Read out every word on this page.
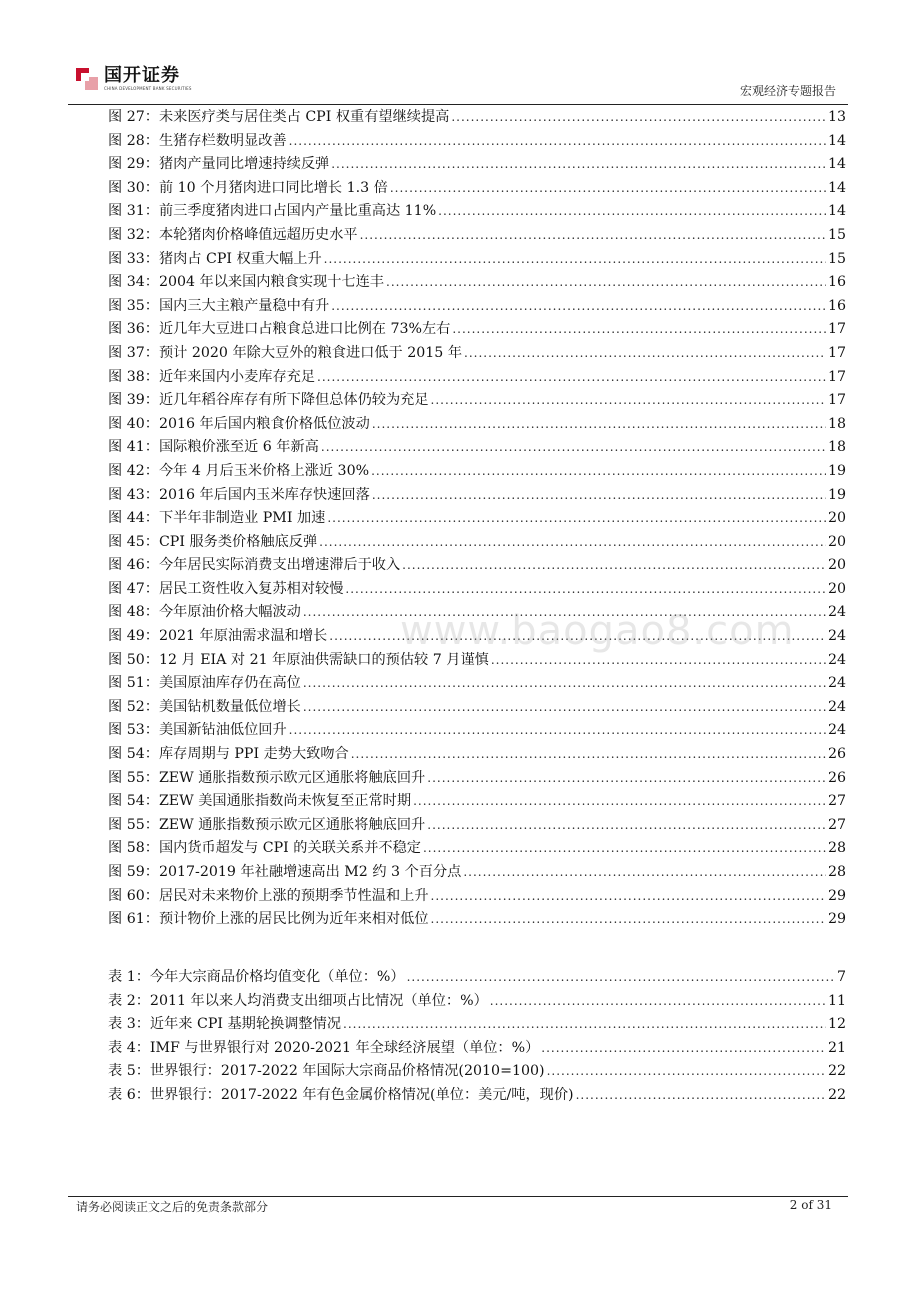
国开证券
CHINA DEVELOPMENT BANK SECURITIES	宏观经济专题报告
图 27：未来医疗类与居住类占 CPI 权重有望继续提高 .....	13
图 28：生猪存栏数明显改善 .....	14
图 29：猪肉产量同比增速持续反弹 .....	14
图 30：前 10 个月猪肉进口同比增长 1.3 倍 .....	14
图 31：前三季度猪肉进口占国内产量比重高达 11% .....	14
图 32：本轮猪肉价格峰值远超历史水平 .....	15
图 33：猪肉占 CPI 权重大幅上升 .....	15
图 34：2004 年以来国内粮食实现十七连丰 .....	16
图 35：国内三大主粮产量稳中有升 .....	16
图 36：近几年大豆进口占粮食总进口比例在 73%左右 .....	17
图 37：预计 2020 年除大豆外的粮食进口低于 2015 年 .....	17
图 38：近年来国内小麦库存充足 .....	17
图 39：近几年稻谷库存有所下降但总体仍较为充足 .....	17
图 40：2016 年后国内粮食价格低位波动 .....	18
图 41：国际粮价涨至近 6 年新高 .....	18
图 42：今年 4 月后玉米价格上涨近 30% .....	19
图 43：2016 年后国内玉米库存快速回落 .....	19
图 44：下半年非制造业 PMI 加速 .....	20
图 45：CPI 服务类价格触底反弹 .....	20
图 46：今年居民实际消费支出增速滞后于收入 .....	20
图 47：居民工资性收入复苏相对较慢 .....	20
图 48：今年原油价格大幅波动 .....	24
图 49：2021 年原油需求温和增长 .....	24
图 50：12 月 EIA 对 21 年原油供需缺口的预估较 7 月谨慎 .....	24
图 51：美国原油库存仍在高位 .....	24
图 52：美国钻机数量低位增长 .....	24
图 53：美国新钻油低位回升 .....	24
图 54：库存周期与 PPI 走势大致吻合 .....	26
图 55：ZEW 通胀指数预示欧元区通胀将触底回升 .....	26
图 54：ZEW 美国通胀指数尚未恢复至正常时期 .....	27
图 55：ZEW 通胀指数预示欧元区通胀将触底回升 .....	27
图 58：国内货币超发与 CPI 的关联关系并不稳定 .....	28
图 59：2017-2019 年社融增速高出 M2 约 3 个百分点 .....	28
图 60：居民对未来物价上涨的预期季节性温和上升 .....	29
图 61：预计物价上涨的居民比例为近年来相对低位 .....	29
表 1：今年大宗商品价格均值变化（单位：%） .....	7
表 2：2011 年以来人均消费支出细项占比情况（单位：%） .....	11
表 3：近年来 CPI 基期轮换调整情况 .....	12
表 4：IMF 与世界银行对 2020-2021 年全球经济展望（单位：%） .....	21
表 5：世界银行：2017-2022 年国际大宗商品价格情况(2010=100) .....	22
表 6：世界银行：2017-2022 年有色金属价格情况(单位：美元/吨，现价) .....	22
www.baogao8.com
请务必阅读正文之后的免责条款部分	2 of 31
